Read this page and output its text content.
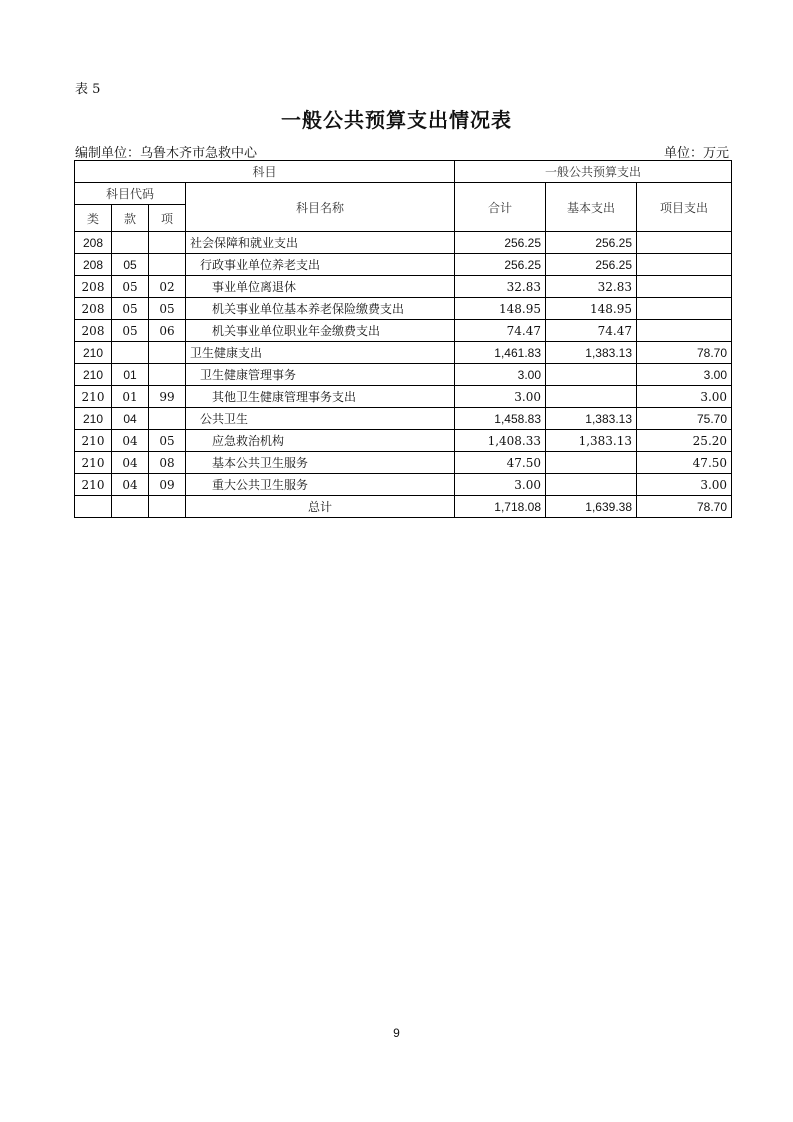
表 5
一般公共预算支出情况表
编制单位：乌鲁木齐市急救中心	单位：万元
科目				一般公共预算支出		
科目代码			科目名称	合计	基本支出	项目支出
类	款	项				
208			社会保障和就业支出	256.25	256.25	
208	05		行政事业单位养老支出	256.25	256.25	
208	05	02	事业单位离退休	32.83	32.83	
208	05	05	机关事业单位基本养老保险缴费支出	148.95	148.95	
208	05	06	机关事业单位职业年金缴费支出	74.47	74.47	
210			卫生健康支出	1,461.83	1,383.13	78.70
210	01		卫生健康管理事务	3.00		3.00
210	01	99	其他卫生健康管理事务支出	3.00		3.00
210	04		公共卫生	1,458.83	1,383.13	75.70
210	04	05	应急救治机构	1,408.33	1,383.13	25.20
210	04	08	基本公共卫生服务	47.50		47.50
210	04	09	重大公共卫生服务	3.00		3.00
			总计	1,718.08	1,639.38	78.70
9
